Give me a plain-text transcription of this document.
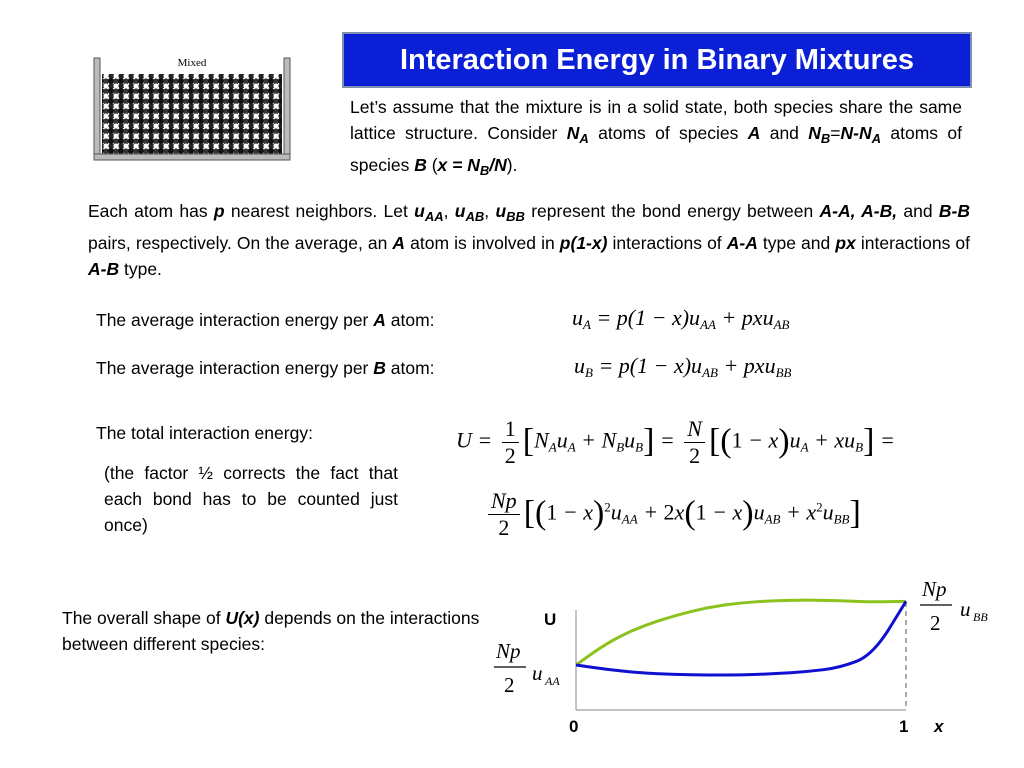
Mixed	Interaction Energy in Binary Mixtures
Let’s assume that the mixture is in a solid state, both species share the same lattice structure. Consider $N_A$ atoms of species A and $N_B=N-N_A$ atoms of species B $(x = N_B/N)$.
Each atom has p nearest neighbors. Let $u_{AA}$, $u_{AB}$, $u_{BB}$ represent the bond energy between A-A, A-B, and B-B pairs, respectively. On the average, an A atom is involved in p(1-x) interactions of A-A type and px interactions of A-B type.
The average interaction energy per A atom:	$u_A = p(1 - x)u_{AA} + pxu_{AB}$
The average interaction energy per B atom:	$u_B = p(1 - x)u_{AB} + pxu_{BB}$
The total interaction energy:
(the factor ½ corrects the fact that each bond has to be counted just once)
$U = \frac{1}{2} [N_Au_A + N_Bu_B] = \frac{N}{2} [(1 - x)u_A + xu_B]$ =
$\frac{Np}{2} [(1 - x)^2u_{AA} + 2x(1 - x)u_{AB} + x^2u_{BB}]$
The overall shape of U(x) depends on the interactions between different species:
U
0	1 x
Np
2 u AA
Np
2
u BB
